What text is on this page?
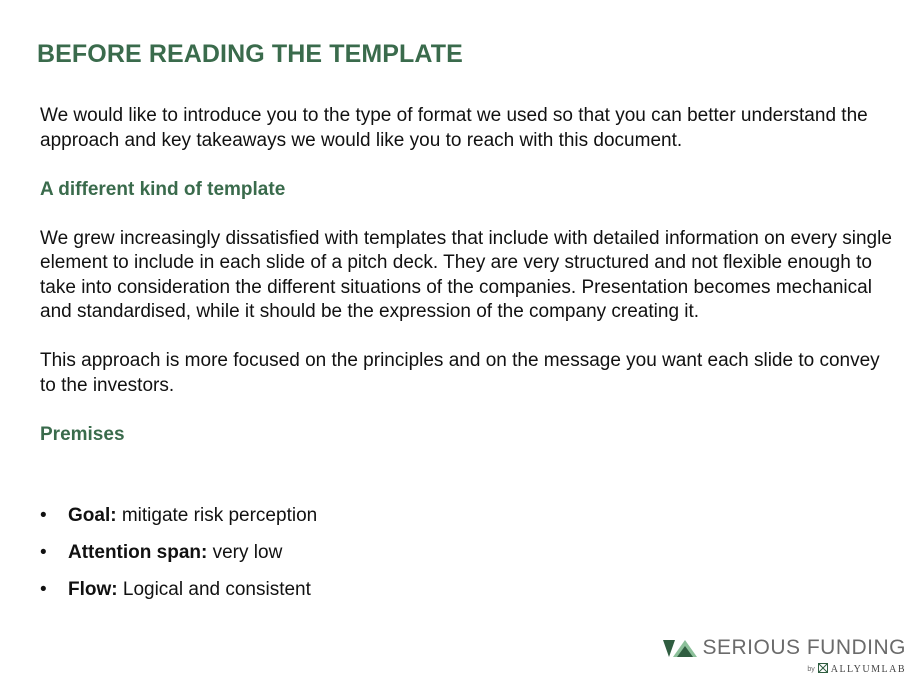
BEFORE READING THE TEMPLATE

We would like to introduce you to the type of format we used so that you can better understand the approach and key takeaways we would like you to reach with this document.

A different kind of template

We grew increasingly dissatisfied with templates that include with detailed information on every single element to include in each slide of a pitch deck. They are very structured and not flexible enough to take into consideration the different situations of the companies. Presentation becomes mechanical and standardised, while it should be the expression of the company creating it.

This approach is more focused on the principles and on the message you want each slide to convey to the investors.

Premises
• Goal: mitigate risk perception
• Attention span: very low
• Flow: Logical and consistent
SERIOUS FUNDING
by ALLYUMLAB
